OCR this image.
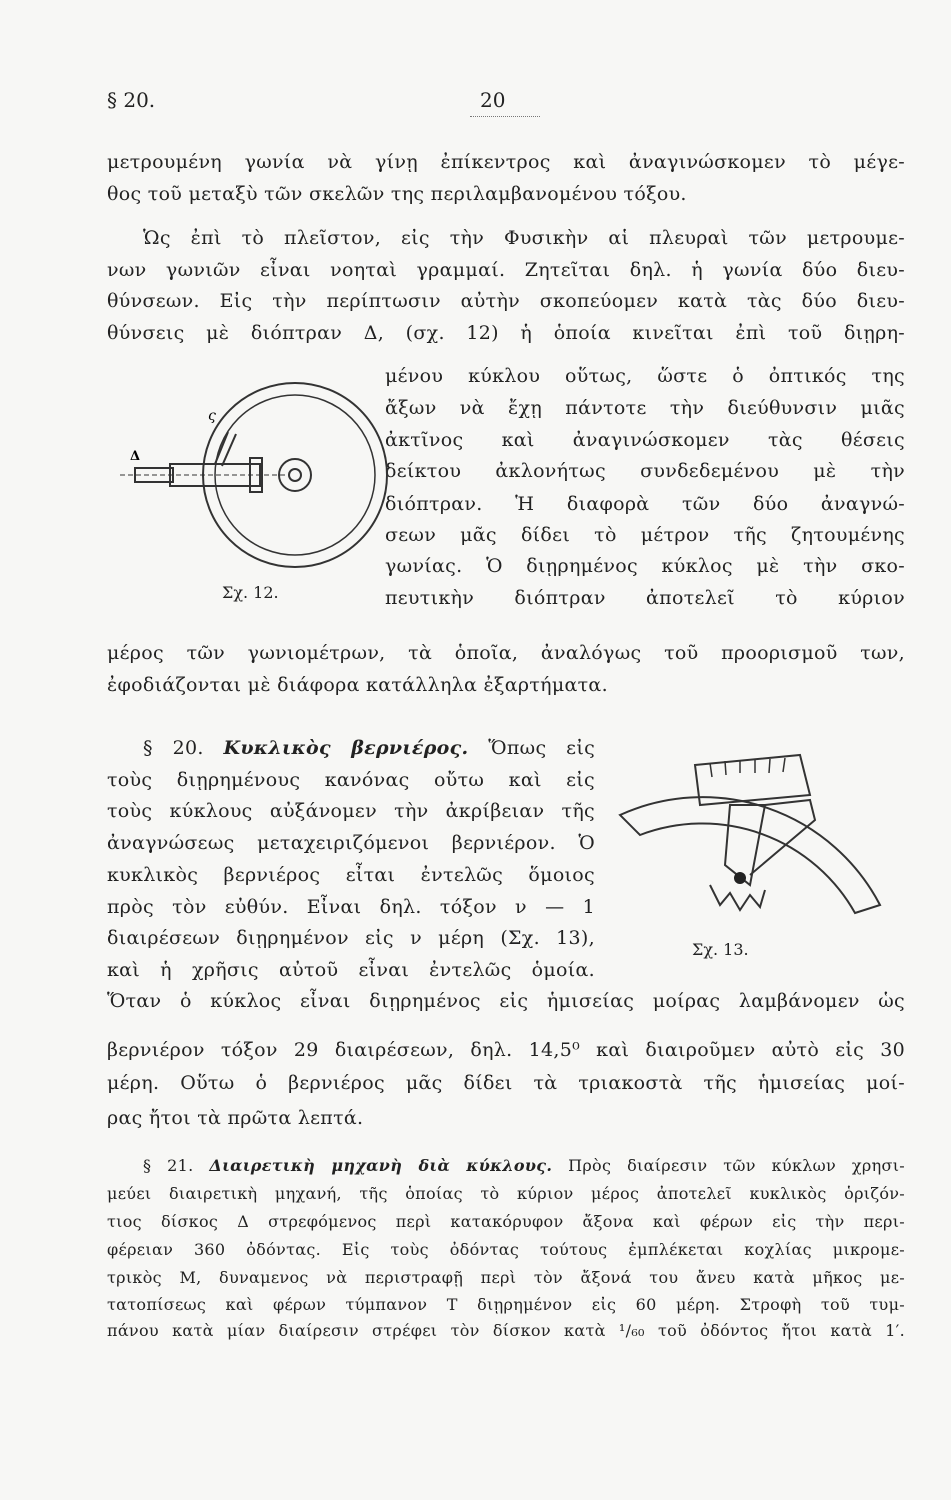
§ 20.	20
μετρουμένη γωνία νὰ γίνῃ ἐπίκεντρος καὶ ἀναγινώσκομεν τὸ μέγε-
θος τοῦ μεταξὺ τῶν σκελῶν της περιλαμβανομένου τόξου.
Ὡς ἐπὶ τὸ πλεῖστον, εἰς τὴν Φυσικὴν αἱ πλευραὶ τῶν μετρουμε-
νων γωνιῶν εἶναι νοηταὶ γραμμαί. Ζητεῖται δηλ. ἡ γωνία δύο διευ-
θύνσεων. Εἰς τὴν περίπτωσιν αὐτὴν σκοπεύομεν κατὰ τὰς δύο διευ-
θύνσεις μὲ διόπτραν Δ, (σχ. 12) ἡ ὁποία κινεῖται ἐπὶ τοῦ διῃρη-
μένου κύκλου οὕτως, ὥστε ὁ ὀπτικός της
ἄξων νὰ ἔχῃ πάντοτε τὴν διεύθυνσιν μιᾶς
ἀκτῖνος καὶ ἀναγινώσκομεν τὰς θέσεις
δείκτου ἀκλονήτως συνδεδεμένου μὲ τὴν
διόπτραν. Ἡ διαφορὰ τῶν δύο ἀναγνώ-
σεων μᾶς δίδει τὸ μέτρον τῆς ζητουμένης
γωνίας. Ὁ διῃρημένος κύκλος μὲ τὴν σκο-
πευτικὴν διόπτραν ἀποτελεῖ τὸ κύριον
μέρος τῶν γωνιομέτρων, τὰ ὁποῖα, ἀναλόγως τοῦ προορισμοῦ των,
ἐφοδιάζονται μὲ διάφορα κατάλληλα ἐξαρτήματα.
Δ
ς
Σχ. 12.
§ 20. Κυκλικὸς βερνιέρος. Ὅπως εἰς
τοὺς διῃρημένους κανόνας οὔτω καὶ εἰς
τοὺς κύκλους αὐξάνομεν τὴν ἀκρίβειαν τῆς
ἀναγνώσεως μεταχειριζόμενοι βερνιέρον. Ὁ
κυκλικὸς βερνιέρος εἶται ἐντελῶς ὅμοιος
πρὸς τὸν εὐθύν. Εἶναι δηλ. τόξον ν — 1
διαιρέσεων διῃρημένον εἰς ν μέρη (Σχ. 13),
καὶ ἡ χρῆσις αὐτοῦ εἶναι ἐντελῶς ὁμοία.
Σχ. 13.
Ὅταν ὁ κύκλος εἶναι διῃρημένος εἰς ἡμισείας μοίρας λαμβάνομεν ὡς
βερνιέρον τόξον 29 διαιρέσεων, δηλ. 14,5⁰ καὶ διαιροῦμεν αὐτὸ εἰς 30
μέρη. Οὕτω ὁ βερνιέρος μᾶς δίδει τὰ τριακοστὰ τῆς ἡμισείας μοί-
ρας ἤτοι τὰ πρῶτα λεπτά.
§ 21. Διαιρετικὴ μηχανὴ διὰ κύκλους. Πρὸς διαίρεσιν τῶν κύκλων χρησι-
μεύει διαιρετικὴ μηχανή, τῆς ὁποίας τὸ κύριον μέρος ἀποτελεῖ κυκλικὸς ὁριζόν-
τιος δίσκος Δ στρεφόμενος περὶ κατακόρυφον ἄξονα καὶ φέρων εἰς τὴν περι-
φέρειαν 360 ὀδόντας. Εἰς τοὺς ὀδόντας τούτους ἐμπλέκεται κοχλίας μικρομε-
τρικὸς Μ, δυναμενος νὰ περιστραφῇ περὶ τὸν ἄξονά του ἄνευ κατὰ μῆκος με-
τατοπίσεως καὶ φέρων τύμπανον Τ διῃρημένον εἰς 60 μέρη. Στροφὴ τοῦ τυμ-
πάνου κατὰ μίαν διαίρεσιν στρέφει τὸν δίσκον κατὰ ¹/₆₀ τοῦ ὀδόντος ἤτοι κατὰ 1′.
